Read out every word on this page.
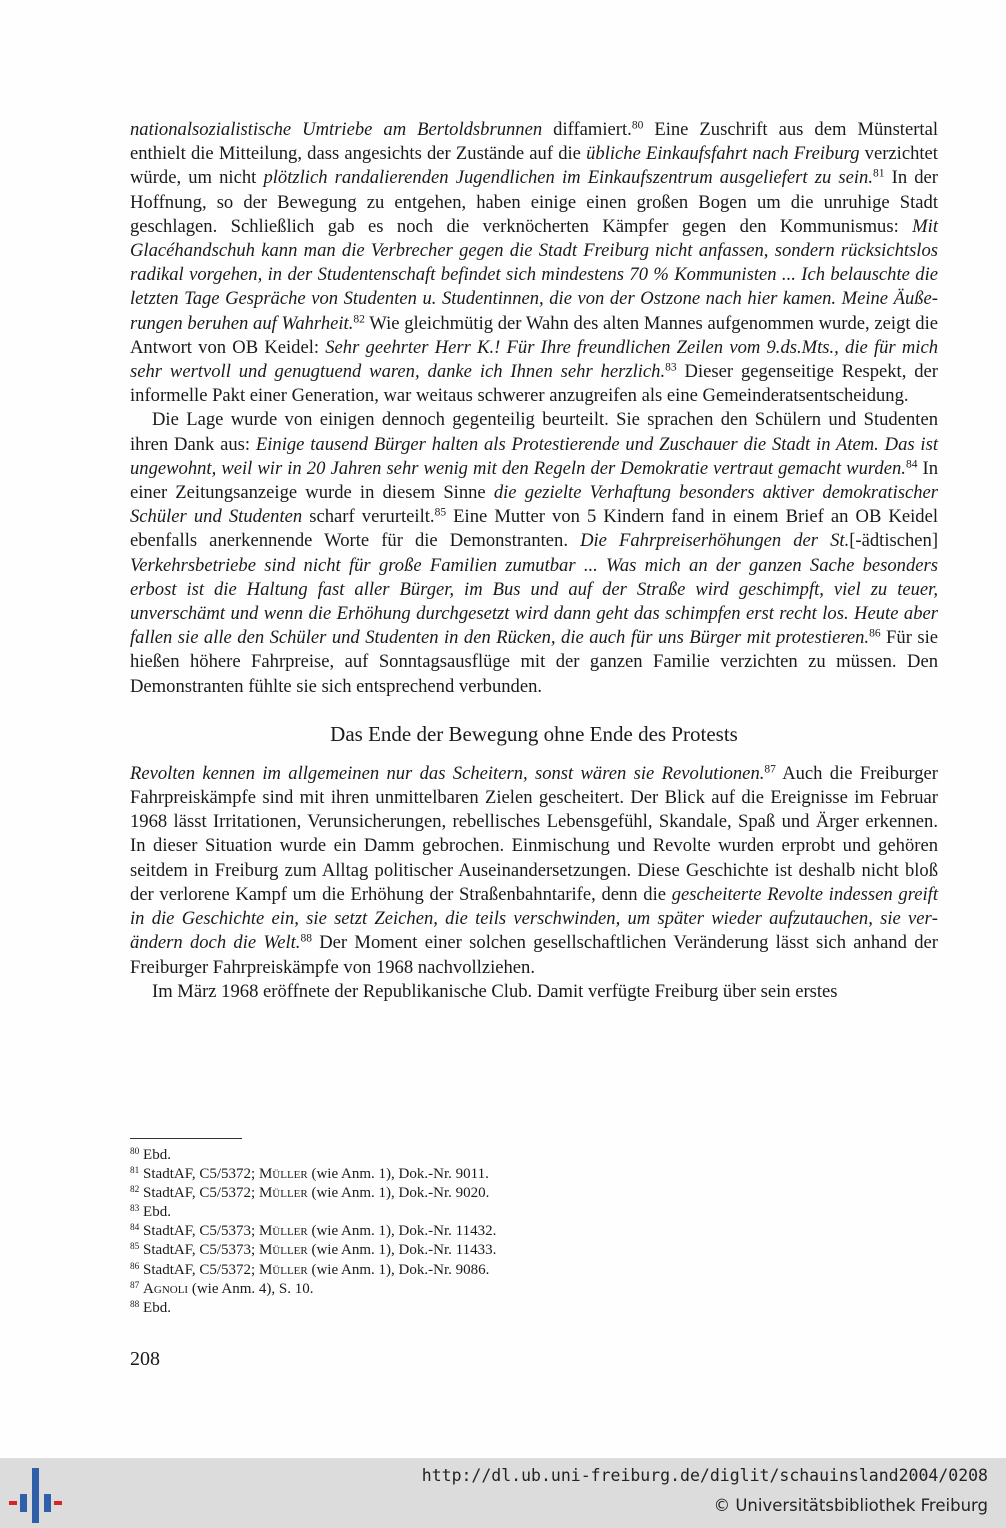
nationalsozialistische Umtriebe am Bertoldsbrunnen diffamiert.$^{80}$ Eine Zuschrift aus dem Münstertal enthielt die Mitteilung, dass angesichts der Zustände auf die übliche Einkaufsfahrt nach Freiburg verzichtet würde, um nicht plötzlich randalierenden Jugendlichen im Einkaufszentrum ausgeliefert zu sein.$^{81}$ In der Hoffnung, so der Bewegung zu entgehen, haben einige einen großen Bogen um die unruhige Stadt geschlagen. Schließlich gab es noch die verknöcherten Kämpfer gegen den Kommunismus: Mit Glacéhandschuh kann man die Verbrecher gegen die Stadt Freiburg nicht anfassen, sondern rücksichtslos radikal vorgehen, in der Studentenschaft befindet sich mindestens 70 % Kommunisten ... Ich belauschte die letzten Tage Gespräche von Studenten u. Studentinnen, die von der Ostzone nach hier kamen. Meine Äußerungen beruhen auf Wahrheit.$^{82}$ Wie gleichmütig der Wahn des alten Mannes aufgenommen wurde, zeigt die Antwort von OB Keidel: Sehr geehrter Herr K.! Für Ihre freundlichen Zeilen vom 9.ds.Mts., die für mich sehr wertvoll und genugtuend waren, danke ich Ihnen sehr herzlich.$^{83}$ Dieser gegenseitige Respekt, der informelle Pakt einer Generation, war weitaus schwerer anzugreifen als eine Gemeinderatsentscheidung.

Die Lage wurde von einigen dennoch gegenteilig beurteilt. Sie sprachen den Schülern und Studenten ihren Dank aus: Einige tausend Bürger halten als Protestierende und Zuschauer die Stadt in Atem. Das ist ungewohnt, weil wir in 20 Jahren sehr wenig mit den Regeln der Demokratie vertraut gemacht wurden.$^{84}$ In einer Zeitungsanzeige wurde in diesem Sinne die gezielte Verhaftung besonders aktiver demokratischer Schüler und Studenten scharf verurteilt.$^{85}$ Eine Mutter von 5 Kindern fand in einem Brief an OB Keidel ebenfalls anerkennende Worte für die Demonstranten. Die Fahrpreiserhöhungen der St.[-ädtischen] Verkehrsbetriebe sind nicht für große Familien zumutbar ... Was mich an der ganzen Sache besonders erbost ist die Haltung fast aller Bürger, im Bus und auf der Straße wird geschimpft, viel zu teuer, unverschämt und wenn die Erhöhung durchgesetzt wird dann geht das schimpfen erst recht los. Heute aber fallen sie alle den Schüler und Studenten in den Rücken, die auch für uns Bürger mit protestieren.$^{86}$ Für sie hießen höhere Fahrpreise, auf Sonntagsausflüge mit der ganzen Familie verzichten zu müssen. Den Demonstranten fühlte sie sich entsprechend verbunden.

Das Ende der Bewegung ohne Ende des Protests

Revolten kennen im allgemeinen nur das Scheitern, sonst wären sie Revolutionen.$^{87}$ Auch die Freiburger Fahrpreiskämpfe sind mit ihren unmittelbaren Zielen gescheitert. Der Blick auf die Ereignisse im Februar 1968 lässt Irritationen, Verunsicherungen, rebellisches Lebensgefühl, Skandale, Spaß und Ärger erkennen. In dieser Situation wurde ein Damm gebrochen. Einmischung und Revolte wurden erprobt und gehören seitdem in Freiburg zum Alltag politischer Auseinandersetzungen. Diese Geschichte ist deshalb nicht bloß der verlorene Kampf um die Erhöhung der Straßenbahntarife, denn die gescheiterte Revolte indessen greift in die Geschichte ein, sie setzt Zeichen, die teils verschwinden, um später wieder aufzutauchen, sie verändern doch die Welt.$^{88}$ Der Moment einer solchen gesellschaftlichen Veränderung lässt sich anhand der Freiburger Fahrpreiskämpfe von 1968 nachvollziehen.

Im März 1968 eröffnete der Republikanische Club. Damit verfügte Freiburg über sein erstes

$^{80}$ Ebd.

$^{81}$ StadtAF, C5/5372; Müller (wie Anm. 1), Dok.-Nr. 9011.

$^{82}$ StadtAF, C5/5372; Müller (wie Anm. 1), Dok.-Nr. 9020.

$^{83}$ Ebd.

$^{84}$ StadtAF, C5/5373; Müller (wie Anm. 1), Dok.-Nr. 11432.

$^{85}$ StadtAF, C5/5373; Müller (wie Anm. 1), Dok.-Nr. 11433.

$^{86}$ StadtAF, C5/5372; Müller (wie Anm. 1), Dok.-Nr. 9086.

$^{87}$ Agnoli (wie Anm. 4), S. 10.

$^{88}$ Ebd.

208
http://dl.ub.uni-freiburg.de/diglit/schauinsland2004/0208
© Universitätsbibliothek Freiburg
